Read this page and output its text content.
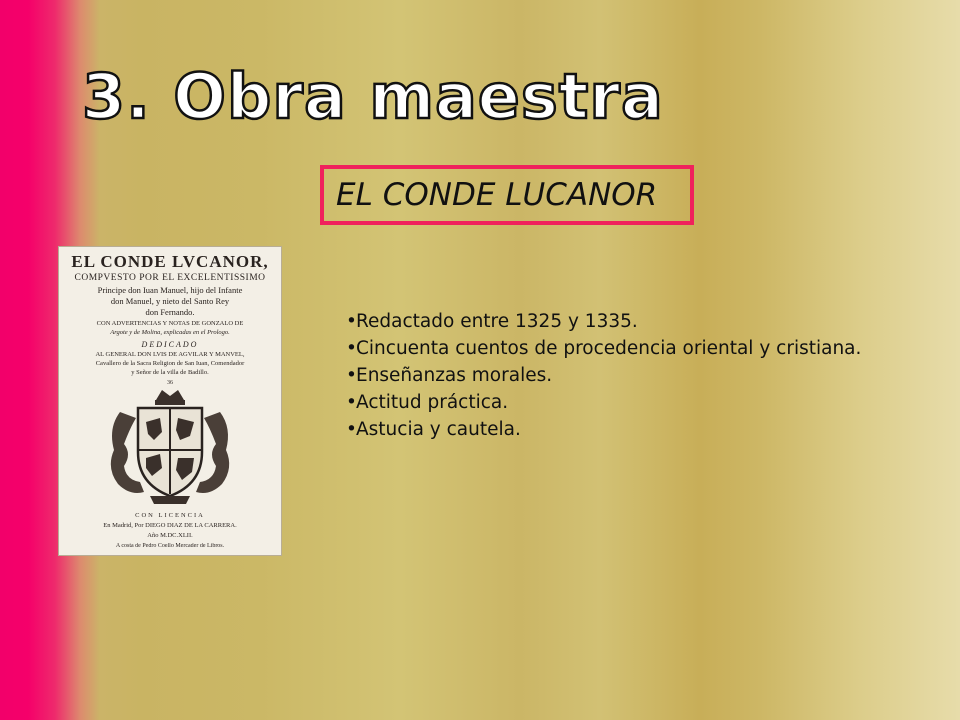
3. Obra maestra
EL CONDE LUCANOR
EL CONDE LVCANOR,
COMPVESTO POR EL EXCELENTISSIMO
Principe don Iuan Manuel, hijo del Infante
don Manuel, y nieto del Santo Rey
don Fernando.
CON ADVERTENCIAS Y NOTAS DE GONZALO DE
Argote y de Molina, explicadas en el Prologo.
DEDICADO
AL GENERAL DON LVIS DE AGVILAR Y MANVEL,
Cavallero de la Sacra Religion de San Iuan, Comendador
y Señor de la villa de Badillo.
36
CON LICENCIA
En Madrid, Por DIEGO DIAZ DE LA CARRERA.
Año M.DC.XLII.
A costa de Pedro Coello Mercader de Libros.
• Redactado entre 1325 y 1335.
• Cincuenta cuentos de procedencia oriental y cristiana.
• Enseñanzas morales.
• Actitud práctica.
• Astucia y cautela.
